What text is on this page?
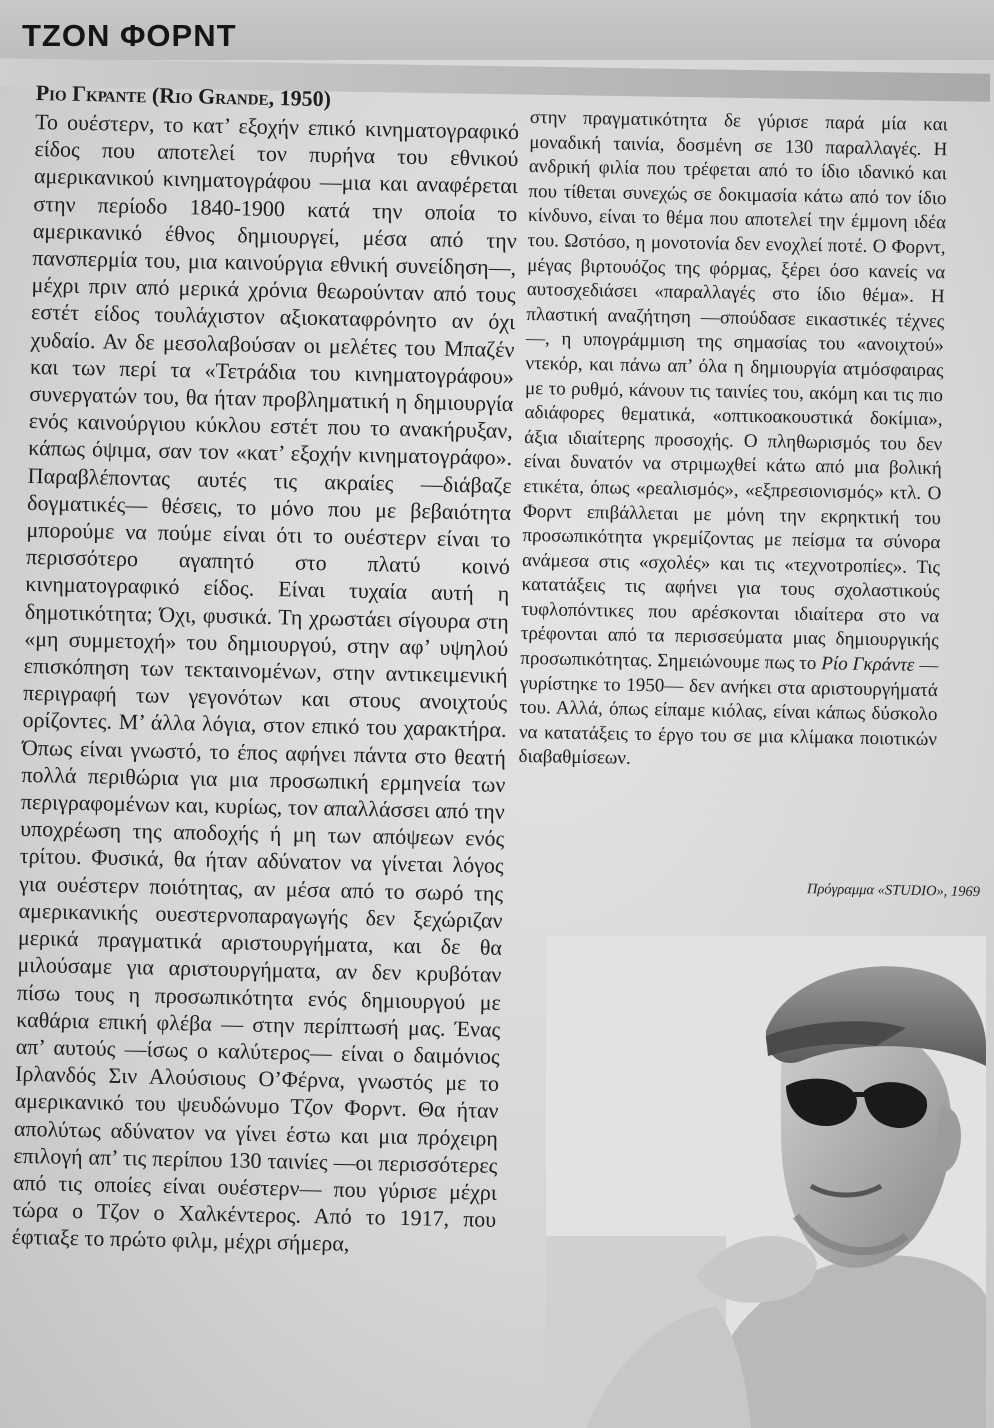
ΤΖΟΝ ΦΟΡΝΤ

Ριο Γκραντε (Rio Grande, 1950)

Το ουέστερν, το κατ’ εξοχήν επικό κινηματογραφικό είδος που αποτελεί τον πυρήνα του εθνικού αμερικανικού κινηματογράφου —μια και αναφέρεται στην περίοδο 1840-1900 κατά την οποία το αμερικανικό έθνος δημιουργεί, μέσα από την πανσπερμία του, μια καινούργια εθνική συνείδηση—, μέχρι πριν από μερικά χρόνια θεωρούνταν από τους εστέτ είδος τουλάχιστον αξιοκαταφρόνητο αν όχι χυδαίο. Αν δε μεσολαβούσαν οι μελέτες του Μπαζέν και των περί τα «Τετράδια του κινηματογράφου» συνεργατών του, θα ήταν προβληματική η δημιουργία ενός καινούργιου κύκλου εστέτ που το ανακήρυξαν, κάπως όψιμα, σαν τον «κατ’ εξοχήν κινηματογράφο». Παραβλέποντας αυτές τις ακραίες —διάβαζε δογματικές— θέσεις, το μόνο που με βεβαιότητα μπορούμε να πούμε είναι ότι το ουέστερν είναι το περισσότερο αγαπητό στο πλατύ κοινό κινηματογραφικό είδος. Είναι τυχαία αυτή η δημοτικότητα; Όχι, φυσικά. Τη χρωστάει σίγουρα στη «μη συμμετοχή» του δημιουργού, στην αφ’ υψηλού επισκόπηση των τεκταινομένων, στην αντικειμενική περιγραφή των γεγονότων και στους ανοιχτούς ορίζοντες. Μ’ άλλα λόγια, στον επικό του χαρακτήρα. Όπως είναι γνωστό, το έπος αφήνει πάντα στο θεατή πολλά περιθώρια για μια προσωπική ερμηνεία των περιγραφομένων και, κυρίως, τον απαλλάσσει από την υποχρέωση της αποδοχής ή μη των απόψεων ενός τρίτου. Φυσικά, θα ήταν αδύνατον να γίνεται λόγος για ουέστερν ποιότητας, αν μέσα από το σωρό της αμερικανικής ουεστερνοπαραγωγής δεν ξεχώριζαν μερικά πραγματικά αριστουργήματα, και δε θα μιλούσαμε για αριστουργήματα, αν δεν κρυβόταν πίσω τους η προσωπικότητα ενός δημιουργού με καθάρια επική φλέβα — στην περίπτωσή μας. Ένας απ’ αυτούς —ίσως ο καλύτερος— είναι ο δαιμόνιος Ιρλανδός Σιν Αλούσιους Ο’Φέρνα, γνωστός με το αμερικανικό του ψευδώνυμο Τζον Φορντ. Θα ήταν απολύτως αδύνατον να γίνει έστω και μια πρόχειρη επιλογή απ’ τις περίπου 130 ταινίες —οι περισσότερες από τις οποίες είναι ουέστερν— που γύρισε μέχρι τώρα ο Τζον ο Χαλκέντερος. Από το 1917, που έφτιαξε το πρώτο φιλμ, μέχρι σήμερα,

στην πραγματικότητα δε γύρισε παρά μία και μοναδική ταινία, δοσμένη σε 130 παραλλαγές. Η ανδρική φιλία που τρέφεται από το ίδιο ιδανικό και που τίθεται συνεχώς σε δοκιμασία κάτω από τον ίδιο κίνδυνο, είναι το θέμα που αποτελεί την έμμονη ιδέα του. Ωστόσο, η μονοτονία δεν ενοχλεί ποτέ. Ο Φορντ, μέγας βιρτουόζος της φόρμας, ξέρει όσο κανείς να αυτοσχεδιάσει «παραλλαγές στο ίδιο θέμα». Η πλαστική αναζήτηση —σπούδασε εικαστικές τέχνες—, η υπογράμμιση της σημασίας του «ανοιχτού» ντεκόρ, και πάνω απ’ όλα η δημιουργία ατμόσφαιρας με το ρυθμό, κάνουν τις ταινίες του, ακόμη και τις πιο αδιάφορες θεματικά, «οπτικοακουστικά δοκίμια», άξια ιδιαίτερης προσοχής. Ο πληθωρισμός του δεν είναι δυνατόν να στριμωχθεί κάτω από μια βολική ετικέτα, όπως «ρεαλισμός», «εξπρεσιονισμός» κτλ. Ο Φορντ επιβάλλεται με μόνη την εκρηκτική του προσωπικότητα γκρεμίζοντας με πείσμα τα σύνορα ανάμεσα στις «σχολές» και τις «τεχνοτροπίες». Τις κατατάξεις τις αφήνει για τους σχολαστικούς τυφλοπόντικες που αρέσκονται ιδιαίτερα στο να τρέφονται από τα περισσεύματα μιας δημιουργικής προσωπικότητας. Σημειώνουμε πως το Ρίο Γκράντε —γυρίστηκε το 1950— δεν ανήκει στα αριστουργήματά του. Αλλά, όπως είπαμε κιόλας, είναι κάπως δύσκολο να κατατάξεις το έργο του σε μια κλίμακα ποιοτικών διαβαθμίσεων.

Πρόγραμμα «STUDIO», 1969
